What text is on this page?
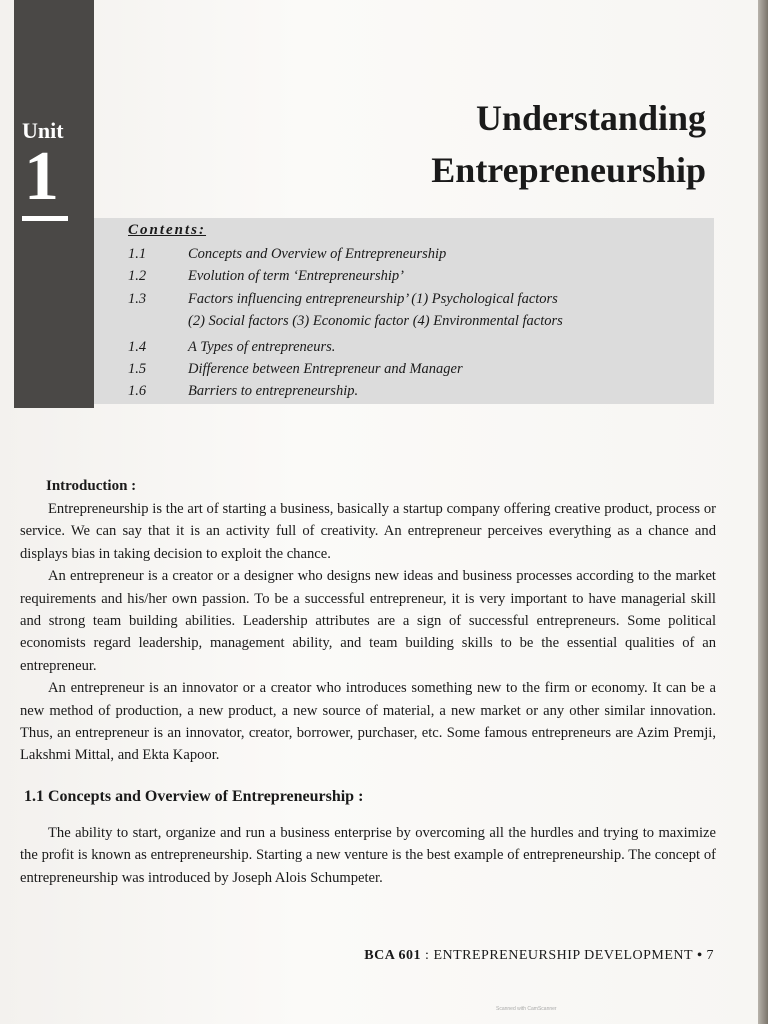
Unit
1
Understanding
Entrepreneurship
Contents:
1.1	Concepts and Overview of Entrepreneurship
1.2	Evolution of term ‘Entrepreneurship’
1.3	Factors influencing entrepreneurship’ (1) Psychological factors
(2) Social factors (3) Economic factor (4) Environmental factors
1.4	A Types of entrepreneurs.
1.5	Difference between Entrepreneur and Manager
1.6	Barriers to entrepreneurship.
Introduction :

Entrepreneurship is the art of starting a business, basically a startup company offering creative product, process or service. We can say that it is an activity full of creativity. An entrepreneur perceives everything as a chance and displays bias in taking decision to exploit the chance.

An entrepreneur is a creator or a designer who designs new ideas and business processes according to the market requirements and his/her own passion. To be a successful entrepreneur, it is very important to have managerial skill and strong team building abilities. Leadership attributes are a sign of successful entrepreneurs. Some political economists regard leadership, management ability, and team building skills to be the essential qualities of an entrepreneur.

An entrepreneur is an innovator or a creator who introduces something new to the firm or economy. It can be a new method of production, a new product, a new source of material, a new market or any other similar innovation. Thus, an entrepreneur is an innovator, creator, borrower, purchaser, etc. Some famous entrepreneurs are Azim Premji, Lakshmi Mittal, and Ekta Kapoor.

1.1 Concepts and Overview of Entrepreneurship :

The ability to start, organize and run a business enterprise by overcoming all the hurdles and trying to maximize the profit is known as entrepreneurship. Starting a new venture is the best example of entrepreneurship. The concept of entrepreneurship was introduced by Joseph Alois Schumpeter.

BCA 601 : ENTREPRENEURSHIP DEVELOPMENT • 7
Scanned with CamScanner
